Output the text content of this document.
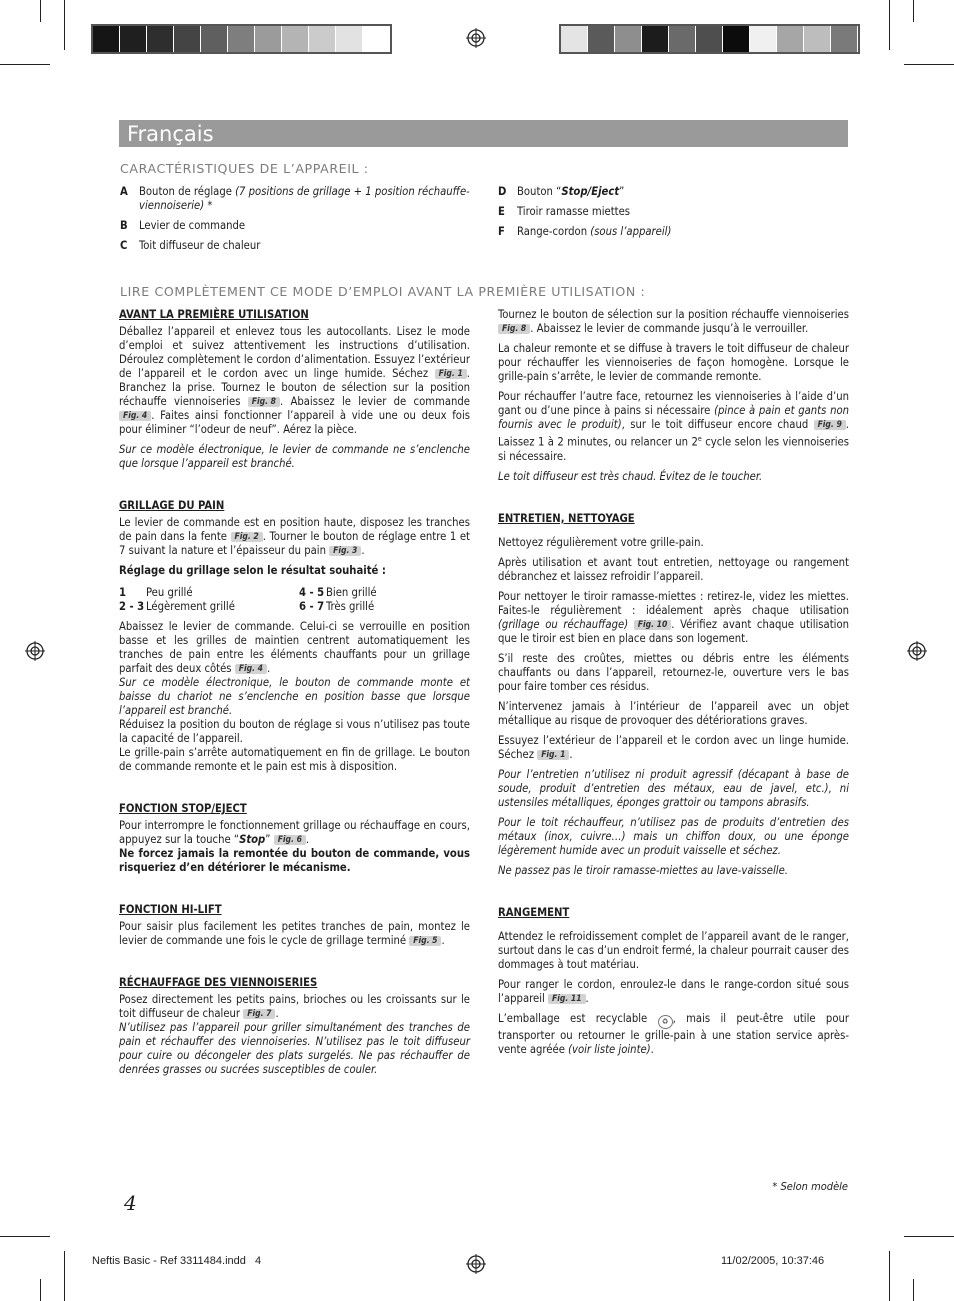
Français
CARACTÉRISTIQUES DE L’APPAREIL :
A	Bouton de réglage (7 positions de grillage + 1 position réchauffe-viennoiserie) *
B	Levier de commande
C	Toit diffuseur de chaleur
D Bouton “Stop/Eject”
E	Tiroir ramasse miettes
F	Range-cordon (sous l’appareil)
LIRE COMPLÈTEMENT CE MODE D’EMPLOI AVANT LA PREMIÈRE UTILISATION :
AVANT LA PREMIÈRE UTILISATION

Déballez l’appareil et enlevez tous les autocollants. Lisez le mode d’emploi et suivez attentivement les instructions d’utilisation. Déroulez complètement le cordon d’alimentation. Essuyez l’extérieur de l’appareil et le cordon avec un linge humide. Séchez Fig. 1 . Branchez la prise. Tournez le bouton de sélection sur la position réchauffe viennoiseries Fig. 8 . Abaissez le levier de commande Fig. 4 . Faites ainsi fonctionner l’appareil à vide une ou deux fois pour éliminer “l’odeur de neuf”. Aérez la pièce.

Sur ce modèle électronique, le levier de commande ne s’enclenche que lorsque l’appareil est branché.

GRILLAGE DU PAIN

Le levier de commande est en position haute, disposez les tranches de pain dans la fente Fig. 2 . Tourner le bouton de réglage entre 1 et 7 suivant la nature et l’épaisseur du pain Fig. 3 .

Réglage du grillage selon le résultat souhaité :

1	Peu grillé
2 - 3 Légèrement grillé
4 - 5 Bien grillé
6 - 7 Très grillé

Abaissez le levier de commande. Celui-ci se verrouille en position basse et les grilles de maintien centrent automatiquement les tranches de pain entre les éléments chauffants pour un grillage parfait des deux côtés Fig. 4 .

Sur ce modèle électronique, le bouton de commande monte et baisse du chariot ne s’enclenche en position basse que lorsque l’appareil est branché.

Réduisez la position du bouton de réglage si vous n’utilisez pas toute la capacité de l’appareil.

Le grille-pain s’arrête automatiquement en fin de grillage. Le bouton de commande remonte et le pain est mis à disposition.

FONCTION STOP/EJECT

Pour interrompre le fonctionnement grillage ou réchauffage en cours, appuyez sur la touche “Stop” Fig. 6 .

Ne forcez jamais la remontée du bouton de commande, vous risqueriez d’en détériorer le mécanisme.

FONCTION HI-LIFT

Pour saisir plus facilement les petites tranches de pain, montez le levier de commande une fois le cycle de grillage terminé Fig. 5 .

RÉCHAUFFAGE DES VIENNOISERIES

Posez directement les petits pains, brioches ou les croissants sur le toit diffuseur de chaleur Fig. 7 .

N’utilisez pas l’appareil pour griller simultanément des tranches de pain et réchauffer des viennoiseries. N’utilisez pas le toit diffuseur pour cuire ou décongeler des plats surgelés. Ne pas réchauffer de denrées grasses ou sucrées susceptibles de couler.

Tournez le bouton de sélection sur la position réchauffe viennoiseries Fig. 8 . Abaissez le levier de commande jusqu’à le verrouiller.

La chaleur remonte et se diffuse à travers le toit diffuseur de chaleur pour réchauffer les viennoiseries de façon homogène. Lorsque le grille-pain s’arrête, le levier de commande remonte.

Pour réchauffer l’autre face, retournez les viennoiseries à l’aide d’un gant ou d’une pince à pains si nécessaire (pince à pain et gants non fournis avec le produit), sur le toit diffuseur encore chaud Fig. 9 . Laissez 1 à 2 minutes, ou relancer un 2e cycle selon les viennoiseries si nécessaire.

Le toit diffuseur est très chaud. Évitez de le toucher.

ENTRETIEN, NETTOYAGE

Nettoyez régulièrement votre grille-pain.

Après utilisation et avant tout entretien, nettoyage ou rangement débranchez et laissez refroidir l’appareil.

Pour nettoyer le tiroir ramasse-miettes : retirez-le, videz les miettes. Faites-le régulièrement : idéalement après chaque utilisation (grillage ou réchauffage) Fig. 10 . Vérifiez avant chaque utilisation que le tiroir est bien en place dans son logement.

S’il reste des croûtes, miettes ou débris entre les éléments chauffants ou dans l’appareil, retournez-le, ouverture vers le bas pour faire tomber ces résidus.

N’intervenez jamais à l’intérieur de l’appareil avec un objet métallique au risque de provoquer des détériorations graves.

Essuyez l’extérieur de l’appareil et le cordon avec un linge humide. Séchez Fig. 1 .

Pour l’entretien n’utilisez ni produit agressif (décapant à base de soude, produit d’entretien des métaux, eau de javel, etc.), ni ustensiles métalliques, éponges grattoir ou tampons abrasifs.

Pour le toit réchauffeur, n’utilisez pas de produits d’entretien des métaux (inox, cuivre…) mais un chiffon doux, ou une éponge légèrement humide avec un produit vaisselle et séchez.

Ne passez pas le tiroir ramasse-miettes au lave-vaisselle.

RANGEMENT

Attendez le refroidissement complet de l’appareil avant de le ranger, surtout dans le cas d’un endroit fermé, la chaleur pourrait causer des dommages à tout matériau.

Pour ranger le cordon, enroulez-le dans le range-cordon situé sous l’appareil Fig. 11 .

L’emballage est recyclable ♻ , mais il peut-être utile pour transporter ou retourner le grille-pain à une station service après-vente agréée (voir liste jointe).

* Selon modèle
4
Neftis Basic - Ref 3311484.indd   4	11/02/2005, 10:37:46
